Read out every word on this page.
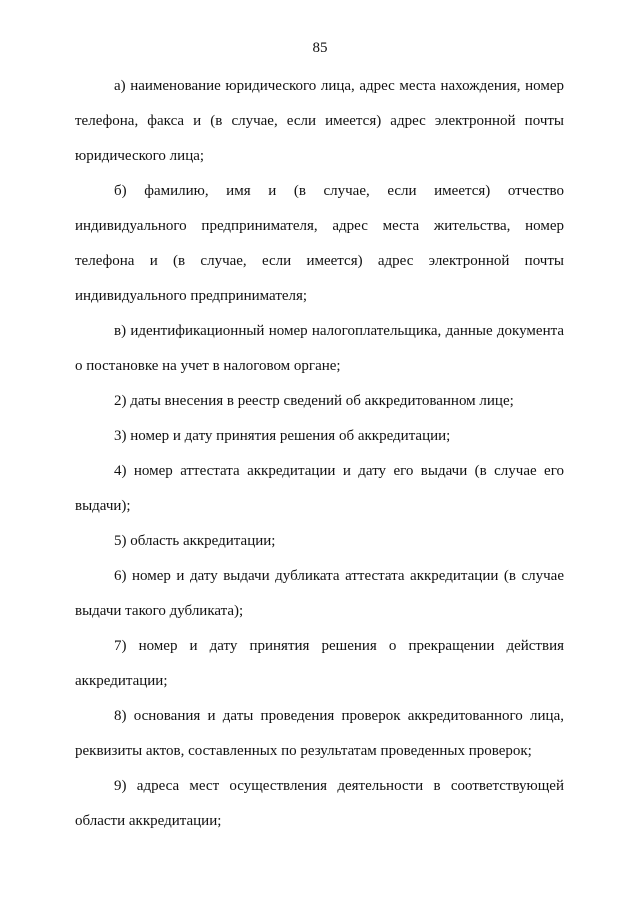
85

а) наименование юридического лица, адрес места нахождения, номер телефона, факса и (в случае, если имеется) адрес электронной почты юридического лица;

б) фамилию, имя и (в случае, если имеется) отчество индивидуального предпринимателя, адрес места жительства, номер телефона и (в случае, если имеется) адрес электронной почты индивидуального предпринимателя;

в) идентификационный номер налогоплательщика, данные документа о постановке на учет в налоговом органе;

2) даты внесения в реестр сведений об аккредитованном лице;

3) номер и дату принятия решения об аккредитации;

4) номер аттестата аккредитации и дату его выдачи (в случае его выдачи);

5) область аккредитации;

6) номер и дату выдачи дубликата аттестата аккредитации (в случае выдачи такого дубликата);

7) номер и дату принятия решения о прекращении действия аккредитации;

8) основания и даты проведения проверок аккредитованного лица, реквизиты актов, составленных по результатам проведенных проверок;

9) адреса мест осуществления деятельности в соответствующей области аккредитации;
